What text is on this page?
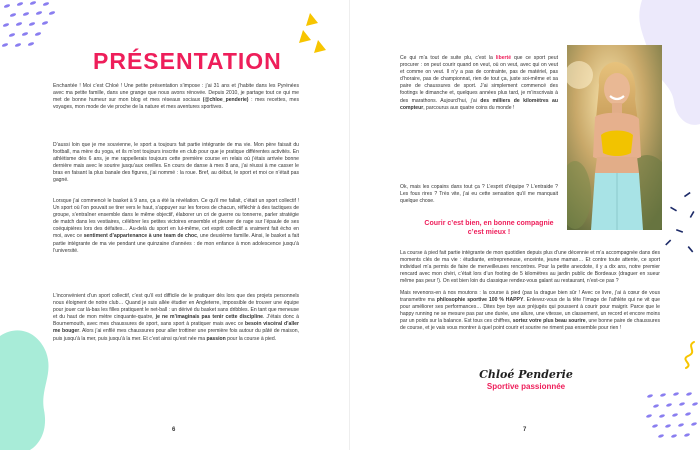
PRÉSENTATION

Enchantée ! Moi c’est Chloé ! Une petite présentation s’impose : j’ai 31 ans et j’habite dans les Pyrénées avec ma petite famille, dans une grange que nous avons rénovée. Depuis 2010, je partage tout ce qui me met de bonne humeur sur mon blog et mes réseaux sociaux (@chloe_penderie) : mes recettes, mes voyages, mon mode de vie proche de la nature et mes aventures sportives.

D’aussi loin que je me souvienne, le sport a toujours fait partie intégrante de ma vie. Mon père faisait du football, ma mère du yoga, et ils m’ont toujours inscrite en club pour que je pratique différentes activités. En athlétisme dès 6 ans, je me rappellerais toujours cette première course en relais où j’étais arrivée bonne dernière mais avec le sourire jusqu’aux oreilles. En cours de danse à mes 8 ans, j’ai réussi à me casser le bras en faisant la plus banale des figures, j’ai nommé : la roue. Bref, au début, le sport et moi ce n’était pas gagné.

Lorsque j’ai commencé le basket à 9 ans, ça a été la révélation. Ce qu’il me fallait, c’était un sport collectif ! Un sport où l’on pouvait se tirer vers le haut, s’appuyer sur les forces de chacun, réfléchir à des tactiques de groupe, s’entraîner ensemble dans le même objectif, élaborer un cri de guerre ou tonnerre, parler stratégie de match dans les vestiaires, célébrer les petites victoires ensemble et pleurer de rage sur l’épaule de ses coéquipières lors des défaites… Au-delà du sport en lui-même, cet esprit collectif a vraiment fait écho en moi, avec ce sentiment d’appartenance à une team de choc, une deuxième famille. Ainsi, le basket a fait partie intégrante de ma vie pendant une quinzaine d’années : de mon enfance à mon adolescence jusqu’à l’université.

L’inconvénient d’un sport collectif, c’est qu’il est difficile de le pratiquer dès lors que des projets personnels nous éloignent de notre club… Quand je suis allée étudier en Angleterre, impossible de trouver une équipe pour jouer car là-bas les filles pratiquent le net-ball : un dérivé du basket sans dribbles. En tant que meneuse et du haut de mon mètre cinquante-quatre, je ne m’imaginais pas tenir cette discipline. J’étais donc à Bournemouth, avec mes chaussures de sport, sans sport à pratiquer mais avec ce besoin viscéral d’aller me bouger. Alors j’ai enfilé mes chaussures pour aller trottiner une première fois autour du pâté de maison, puis jusqu’à la mer, puis jusqu’à la mer. Et c’est ainsi qu’est née ma passion pour la course à pied.

6

Ce qui m’a tout de suite plu, c’est la liberté que ce sport peut procurer : on peut courir quand on veut, où on veut, avec qui on veut et comme on veut. Il n’y a pas de contrainte, pas de matériel, pas d’horaire, pas de championnat, rien de tout ça, juste soi-même et sa paire de chaussures de sport. J’ai simplement commencé des footings le dimanche et, quelques années plus tard, je m’inscrivais à des marathons. Aujourd’hui, j’ai des milliers de kilomètres au compteur, parcourus aux quatre coins du monde !

Ok, mais les copains dans tout ça ? L’esprit d’équipe ? L’entraide ? Les fous rires ? Très vite, j’ai eu cette sensation qu’il me manquait quelque chose.

Courir c’est bien, en bonne compagnie c’est mieux !

La course à pied fait partie intégrante de mon quotidien depuis plus d’une décennie et m’a accompagnée dans des moments clés de ma vie : étudiante, entrepreneuse, enceinte, jeune maman… Et contre toute attente, ce sport individuel m’a permis de faire de merveilleuses rencontres. Pour la petite anecdote, il y a dix ans, notre premier rencard avec mon chéri, c’était lors d’un footing de 5 kilomètres au jardin public de Bordeaux (draguer en sueur même pas peur !). On est bien loin du classique rendez-vous galant au restaurant, n’est-ce pas ?

Mais revenons-en à nos moutons : la course à pied (pas la drague bien sûr ! Avec ce livre, j’ai à cœur de vous transmettre ma philosophie sportive 100 % HAPPY. Enlevez-vous de la tête l’image de l’athlète qui ne vit que pour améliorer ses performances… Dites bye bye aux préjugés qui poussent à courir pour maigrir. Parce que le happy running ne se mesure pas par une durée, une allure, une vitesse, un classement, un record et encore moins par un poids sur la balance. Est tous ces chiffres, sortez votre plus beau sourire, une bonne paire de chaussures de course, et je vais vous montrer à quel point courir et sourire ne riment pas ensemble pour rien !

Chloé Penderie
Sportive passionnée
7
